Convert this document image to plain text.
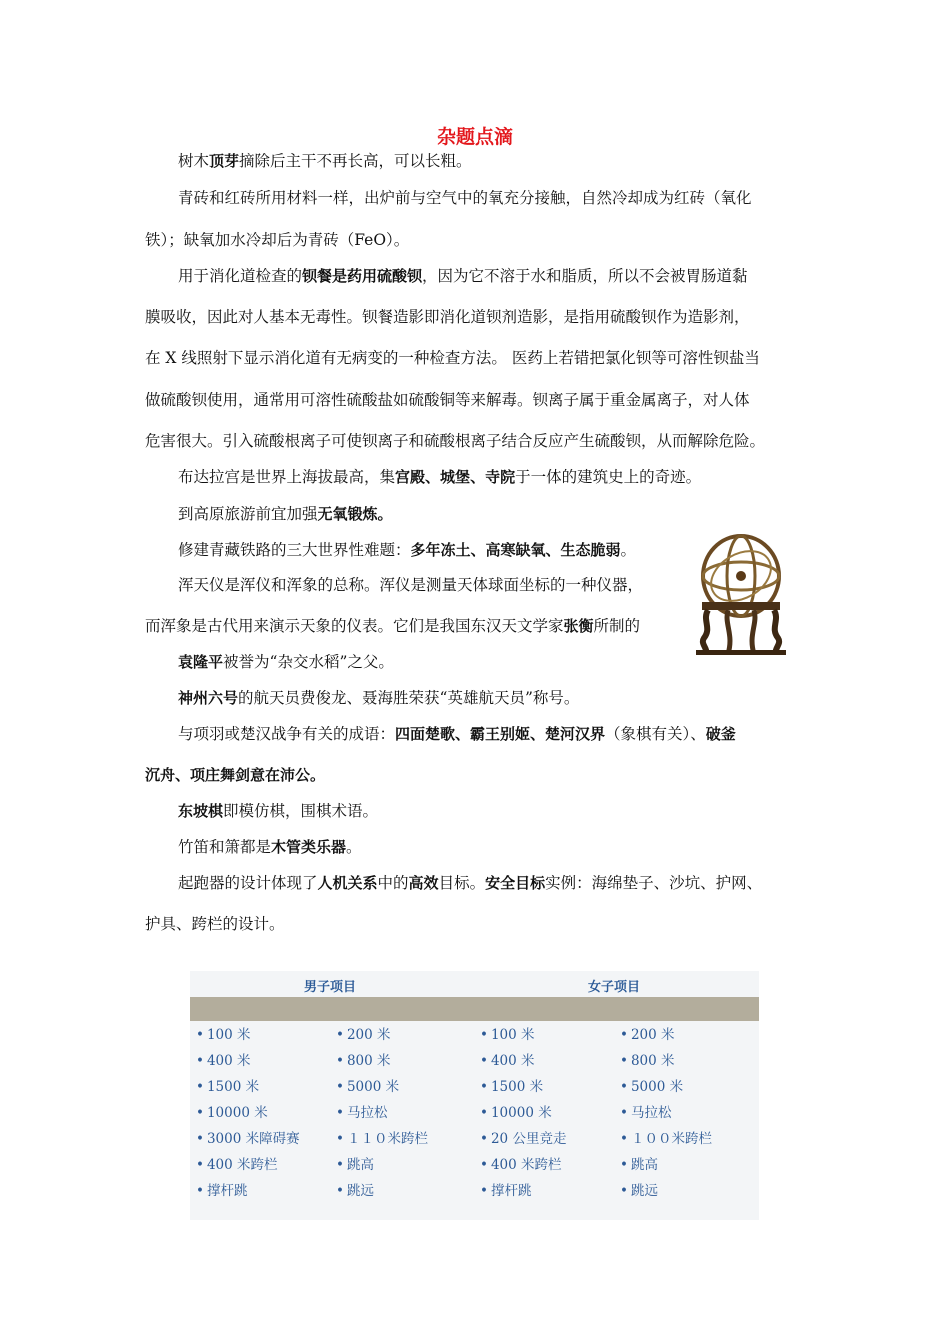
杂题点滴
树木顶芽摘除后主干不再长高，可以长粗。
青砖和红砖所用材料一样，出炉前与空气中的氧充分接触，自然冷却成为红砖（氧化
铁）；缺氧加水冷却后为青砖（FeO）。
用于消化道检查的钡餐是药用硫酸钡，因为它不溶于水和脂质，所以不会被胃肠道黏
膜吸收，因此对人基本无毒性。钡餐造影即消化道钡剂造影，是指用硫酸钡作为造影剂，
在 X 线照射下显示消化道有无病变的一种检查方法。 医药上若错把氯化钡等可溶性钡盐当
做硫酸钡使用，通常用可溶性硫酸盐如硫酸铜等来解毒。钡离子属于重金属离子，对人体
危害很大。引入硫酸根离子可使钡离子和硫酸根离子结合反应产生硫酸钡，从而解除危险。
布达拉宫是世界上海拔最高，集宫殿、城堡、寺院于一体的建筑史上的奇迹。
到高原旅游前宜加强无氧锻炼。
修建青藏铁路的三大世界性难题：多年冻土、高寒缺氧、生态脆弱。
浑天仪是浑仪和浑象的总称。浑仪是测量天体球面坐标的一种仪器，
而浑象是古代用来演示天象的仪表。它们是我国东汉天文学家张衡所制的
袁隆平被誉为“杂交水稻”之父。
神州六号的航天员费俊龙、聂海胜荣获“英雄航天员”称号。
与项羽或楚汉战争有关的成语：四面楚歌、霸王别姬、楚河汉界（象棋有关）、破釜
沉舟、项庄舞剑意在沛公。
东坡棋即模仿棋，围棋术语。
竹笛和箫都是木管类乐器。
起跑器的设计体现了人机关系中的高效目标。安全目标实例：海绵垫子、沙坑、护网、
护具、跨栏的设计。
男子项目	女子项目
• 100 米
• 400 米
• 1500 米
• 10000 米
• 3000 米障碍赛
• 400 米跨栏
• 撑杆跳
• 200 米
• 800 米
• 5000 米
• 马拉松
• １１０米跨栏
• 跳高
• 跳远
• 100 米
• 400 米
• 1500 米
• 10000 米
• 20 公里竞走
• 400 米跨栏
• 撑杆跳
• 200 米
• 800 米
• 5000 米
• 马拉松
• １００米跨栏
• 跳高
• 跳远
